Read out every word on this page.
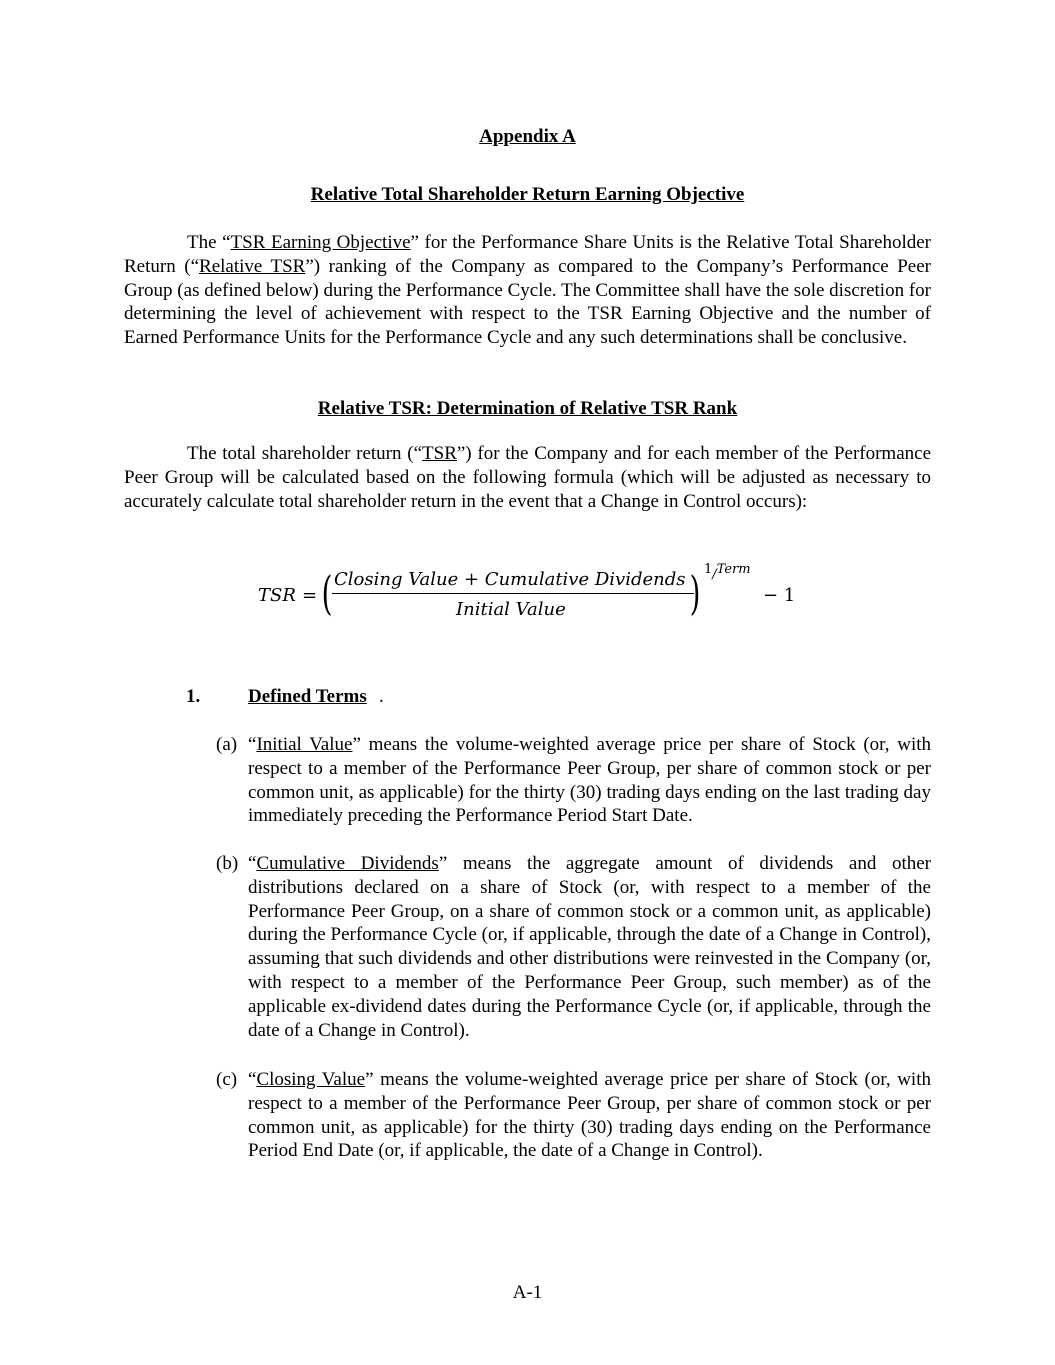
Appendix A
Relative Total Shareholder Return Earning Objective

The “TSR Earning Objective” for the Performance Share Units is the Relative Total Shareholder Return (“Relative TSR”) ranking of the Company as compared to the Company’s Performance Peer Group (as defined below) during the Performance Cycle. The Committee shall have the sole discretion for determining the level of achievement with respect to the TSR Earning Objective and the number of Earned Performance Units for the Performance Cycle and any such determinations shall be conclusive.

Relative TSR: Determination of Relative TSR Rank

The total shareholder return (“TSR”) for the Company and for each member of the Performance Peer Group will be calculated based on the following formula (which will be adjusted as necessary to accurately calculate total shareholder return in the event that a Change in Control occurs):

TSR = ( Closing Value + Cumulative Dividends
Initial Value	) 1/ Term
− 1
1.	Defined Terms .
(a) “Initial Value” means the volume-weighted average price per share of Stock (or, with respect to a member of the Performance Peer Group, per share of common stock or per common unit, as applicable) for the thirty (30) trading days ending on the last trading day immediately preceding the Performance Period Start Date.
(b) “Cumulative Dividends” means the aggregate amount of dividends and other distributions declared on a share of Stock (or, with respect to a member of the Performance Peer Group, on a share of common stock or a common unit, as applicable) during the Performance Cycle (or, if applicable, through the date of a Change in Control), assuming that such dividends and other distributions were reinvested in the Company (or, with respect to a member of the Performance Peer Group, such member) as of the applicable ex-dividend dates during the Performance Cycle (or, if applicable, through the date of a Change in Control).
(c) “Closing Value” means the volume-weighted average price per share of Stock (or, with respect to a member of the Performance Peer Group, per share of common stock or per common unit, as applicable) for the thirty (30) trading days ending on the Performance Period End Date (or, if applicable, the date of a Change in Control).
A-1
